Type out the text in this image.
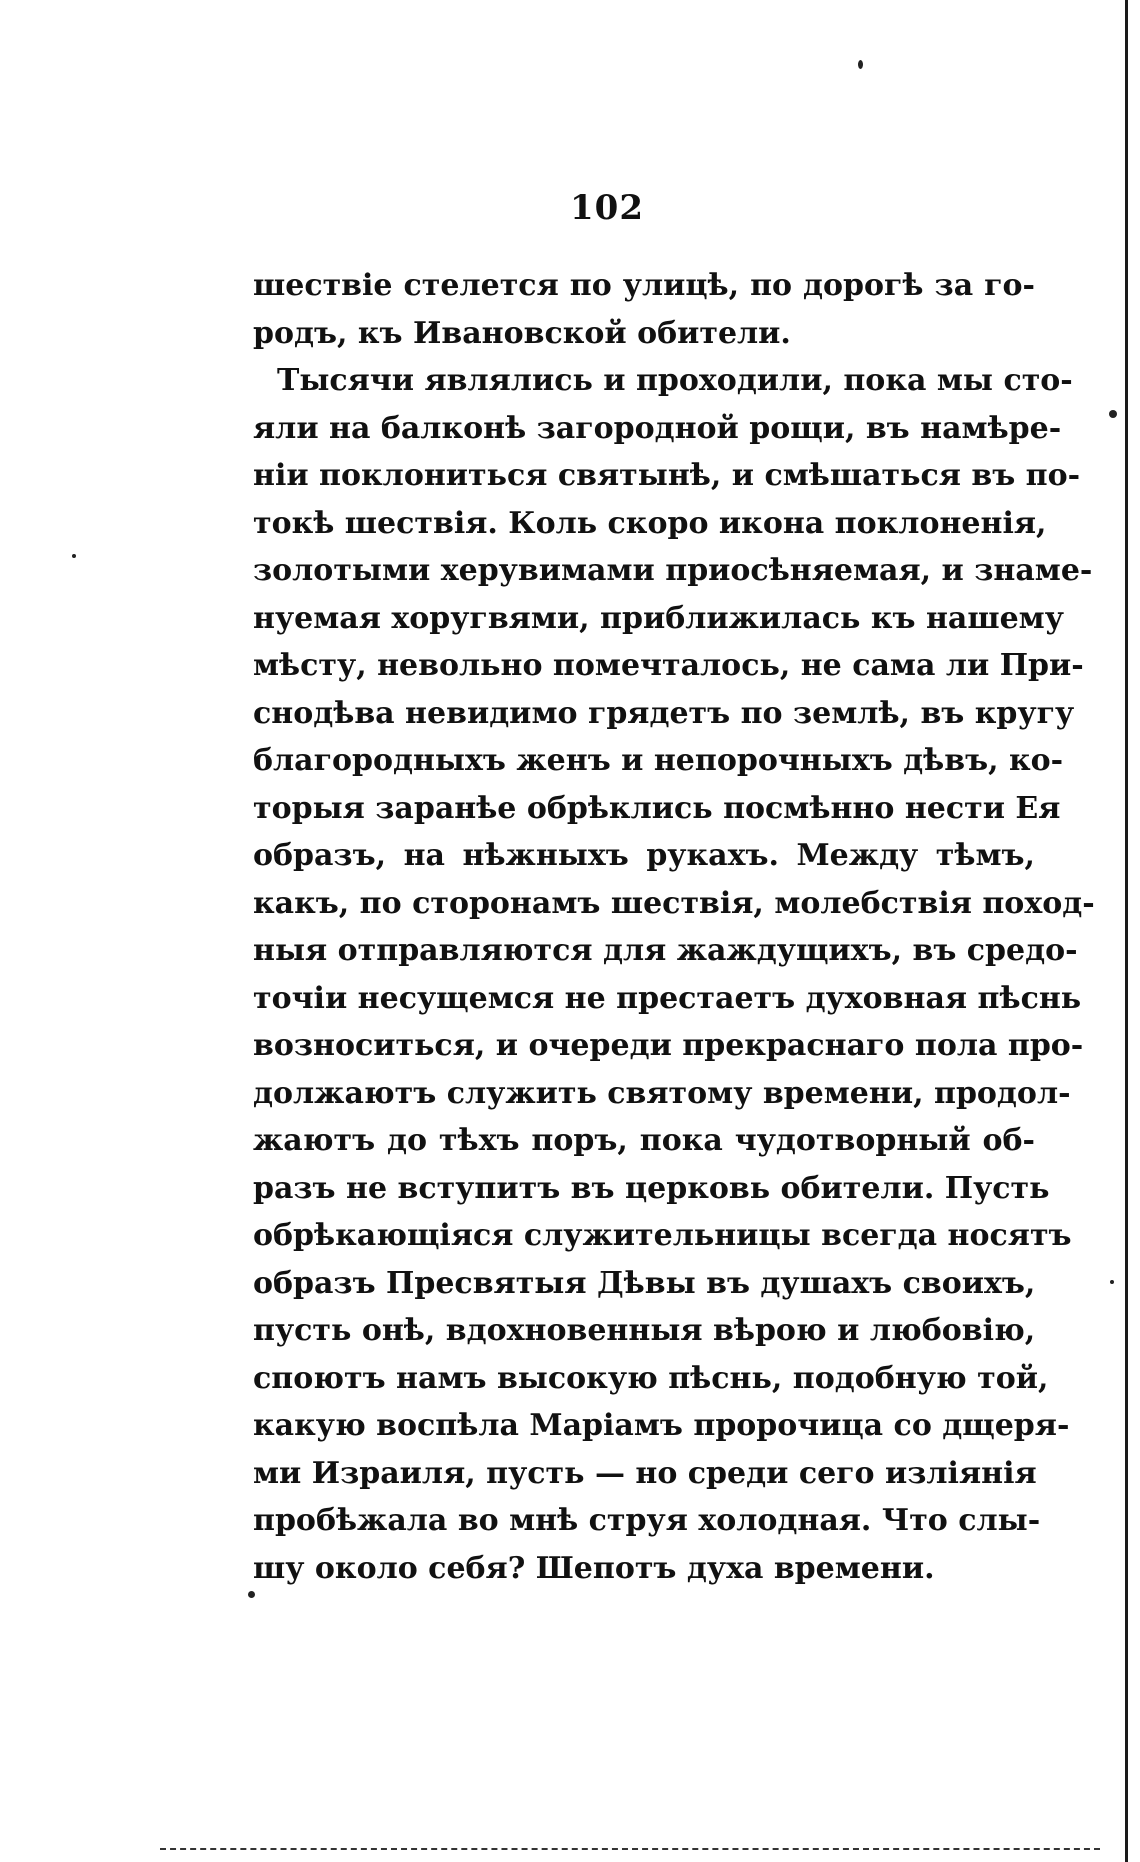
102
шествіе стелется по улицѣ, по дорогѣ за го-
родъ, къ Ивановской обители.
Тысячи являлись и проходили, пока мы сто-
яли на балконѣ загородной рощи, въ намѣре-
ніи поклониться святынѣ, и смѣшаться въ по-
токѣ шествія. Коль скоро икона поклоненія,
золотыми херувимами приосѣняемая, и знаме-
нуемая хоругвями, приближилась къ нашему
мѣсту, невольно помечталось, не сама ли При-
снодѣва невидимо грядетъ по землѣ, въ кругу
благородныхъ женъ и непорочныхъ дѣвъ, ко-
торыя заранѣе обрѣклись посмѣнно нести Ея
образъ, на нѣжныхъ рукахъ. Между тѣмъ,
какъ, по сторонамъ шествія, молебствія поход-
ныя отправляются для жаждущихъ, въ средо-
точіи несущемся не престаетъ духовная пѣснь
возноситься, и очереди прекраснаго пола про-
должаютъ служить святому времени, продол-
жаютъ до тѣхъ поръ, пока чудотворный об-
разъ не вступитъ въ церковь обители. Пусть
обрѣкающіяся служительницы всегда носятъ
образъ Пресвятыя Дѣвы въ душахъ своихъ,
пусть онѣ, вдохновенныя вѣрою и любовію,
споютъ намъ высокую пѣснь, подобную той,
какую воспѣла Маріамъ пророчица со дщеря-
ми Израиля, пусть — но среди сего изліянія
пробѣжала во мнѣ струя холодная. Что слы-
шу около себя? Шепотъ духа времени.
